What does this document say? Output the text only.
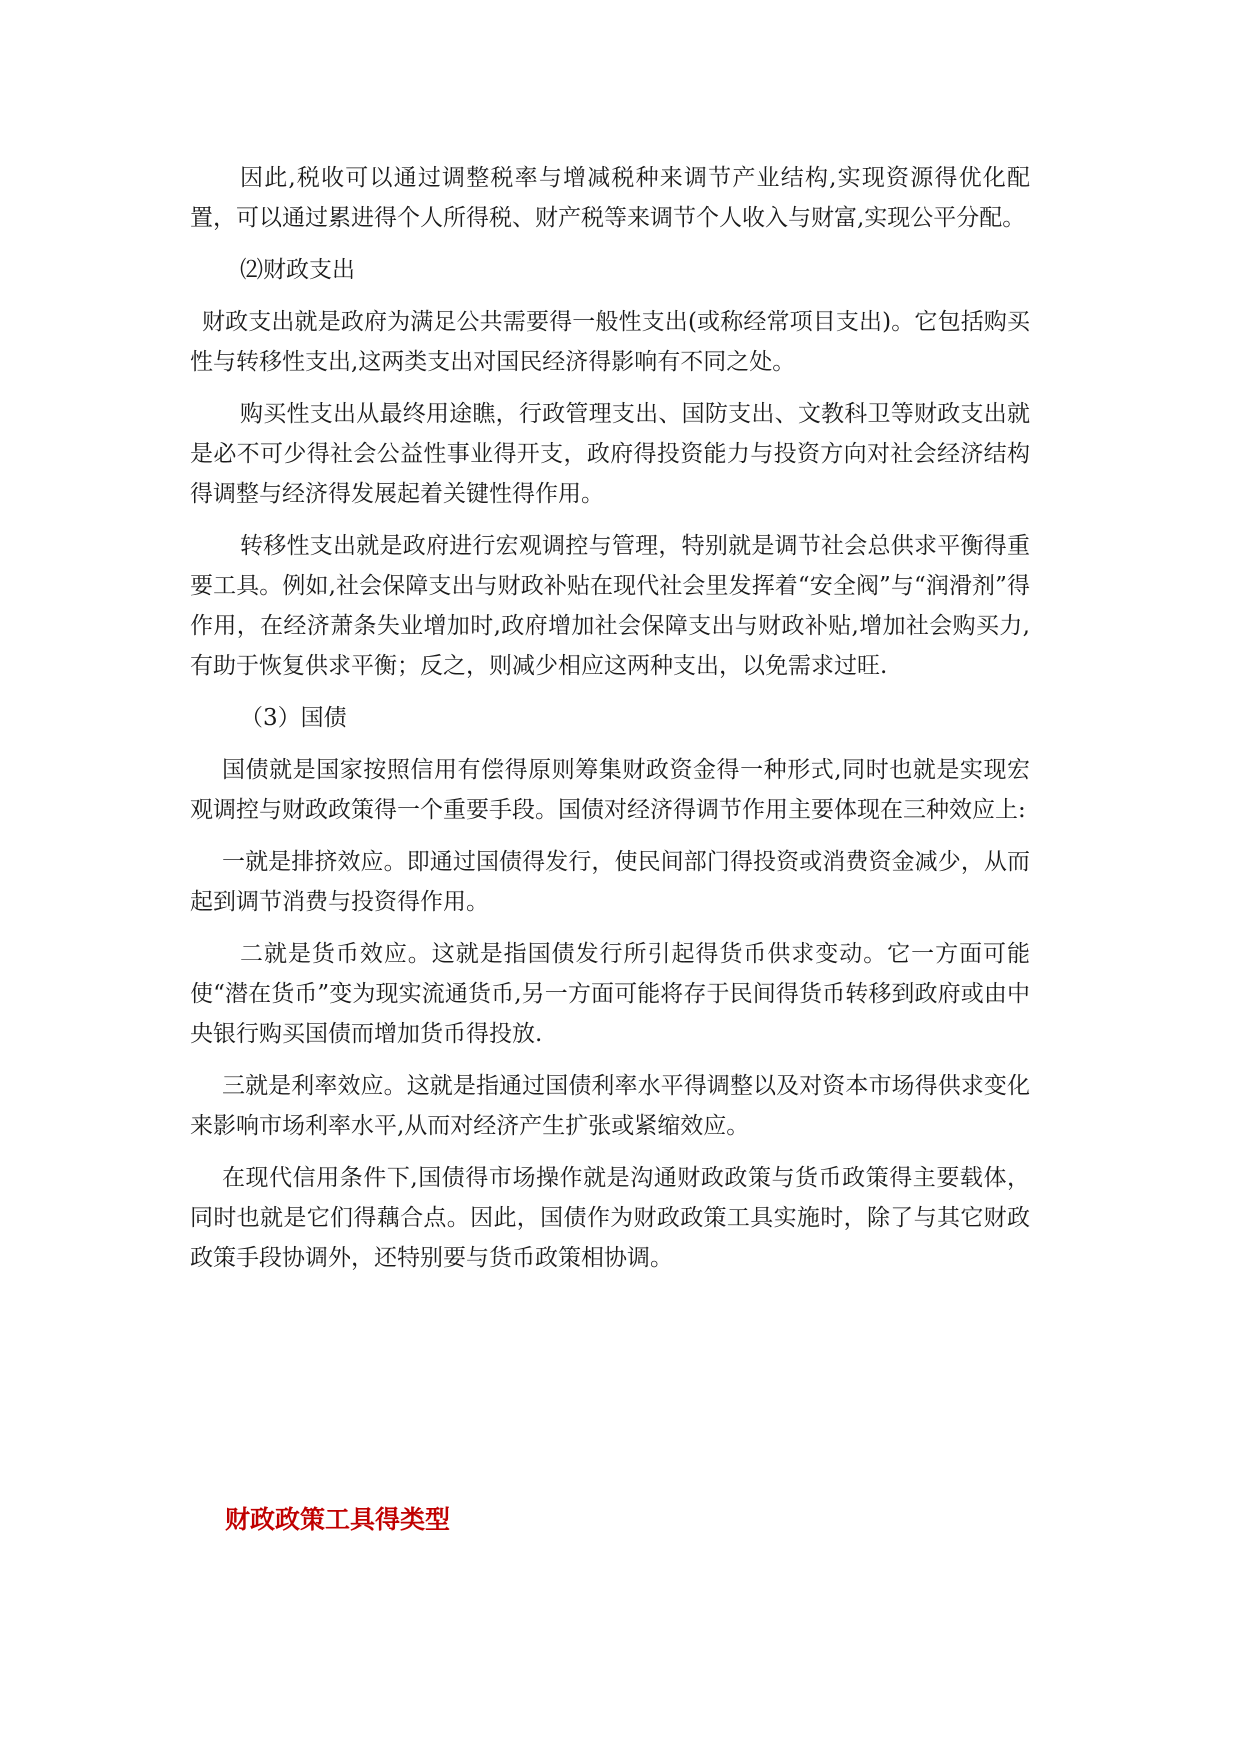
因此,税收可以通过调整税率与增减税种来调节产业结构,实现资源得优化配置，可以通过累进得个人所得税、财产税等来调节个人收入与财富,实现公平分配。

⑵财政支出

财政支出就是政府为满足公共需要得一般性支出(或称经常项目支出)。它包括购买性与转移性支出,这两类支出对国民经济得影响有不同之处。

购买性支出从最终用途瞧，行政管理支出、国防支出、文教科卫等财政支出就是必不可少得社会公益性事业得开支，政府得投资能力与投资方向对社会经济结构得调整与经济得发展起着关键性得作用。

转移性支出就是政府进行宏观调控与管理，特别就是调节社会总供求平衡得重要工具。例如,社会保障支出与财政补贴在现代社会里发挥着“安全阀”与“润滑剂”得作用，在经济萧条失业增加时,政府增加社会保障支出与财政补贴,增加社会购买力,有助于恢复供求平衡；反之，则减少相应这两种支出，以免需求过旺.

（3）国债

国债就是国家按照信用有偿得原则筹集财政资金得一种形式,同时也就是实现宏观调控与财政政策得一个重要手段。国债对经济得调节作用主要体现在三种效应上:

一就是排挤效应。即通过国债得发行，使民间部门得投资或消费资金减少，从而起到调节消费与投资得作用。

二就是货币效应。这就是指国债发行所引起得货币供求变动。它一方面可能使“潜在货币”变为现实流通货币,另一方面可能将存于民间得货币转移到政府或由中央银行购买国债而增加货币得投放.

三就是利率效应。这就是指通过国债利率水平得调整以及对资本市场得供求变化来影响市场利率水平,从而对经济产生扩张或紧缩效应。

在现代信用条件下,国债得市场操作就是沟通财政政策与货币政策得主要载体，同时也就是它们得藕合点。因此，国债作为财政政策工具实施时，除了与其它财政政策手段协调外，还特别要与货币政策相协调。

财政政策工具得类型
